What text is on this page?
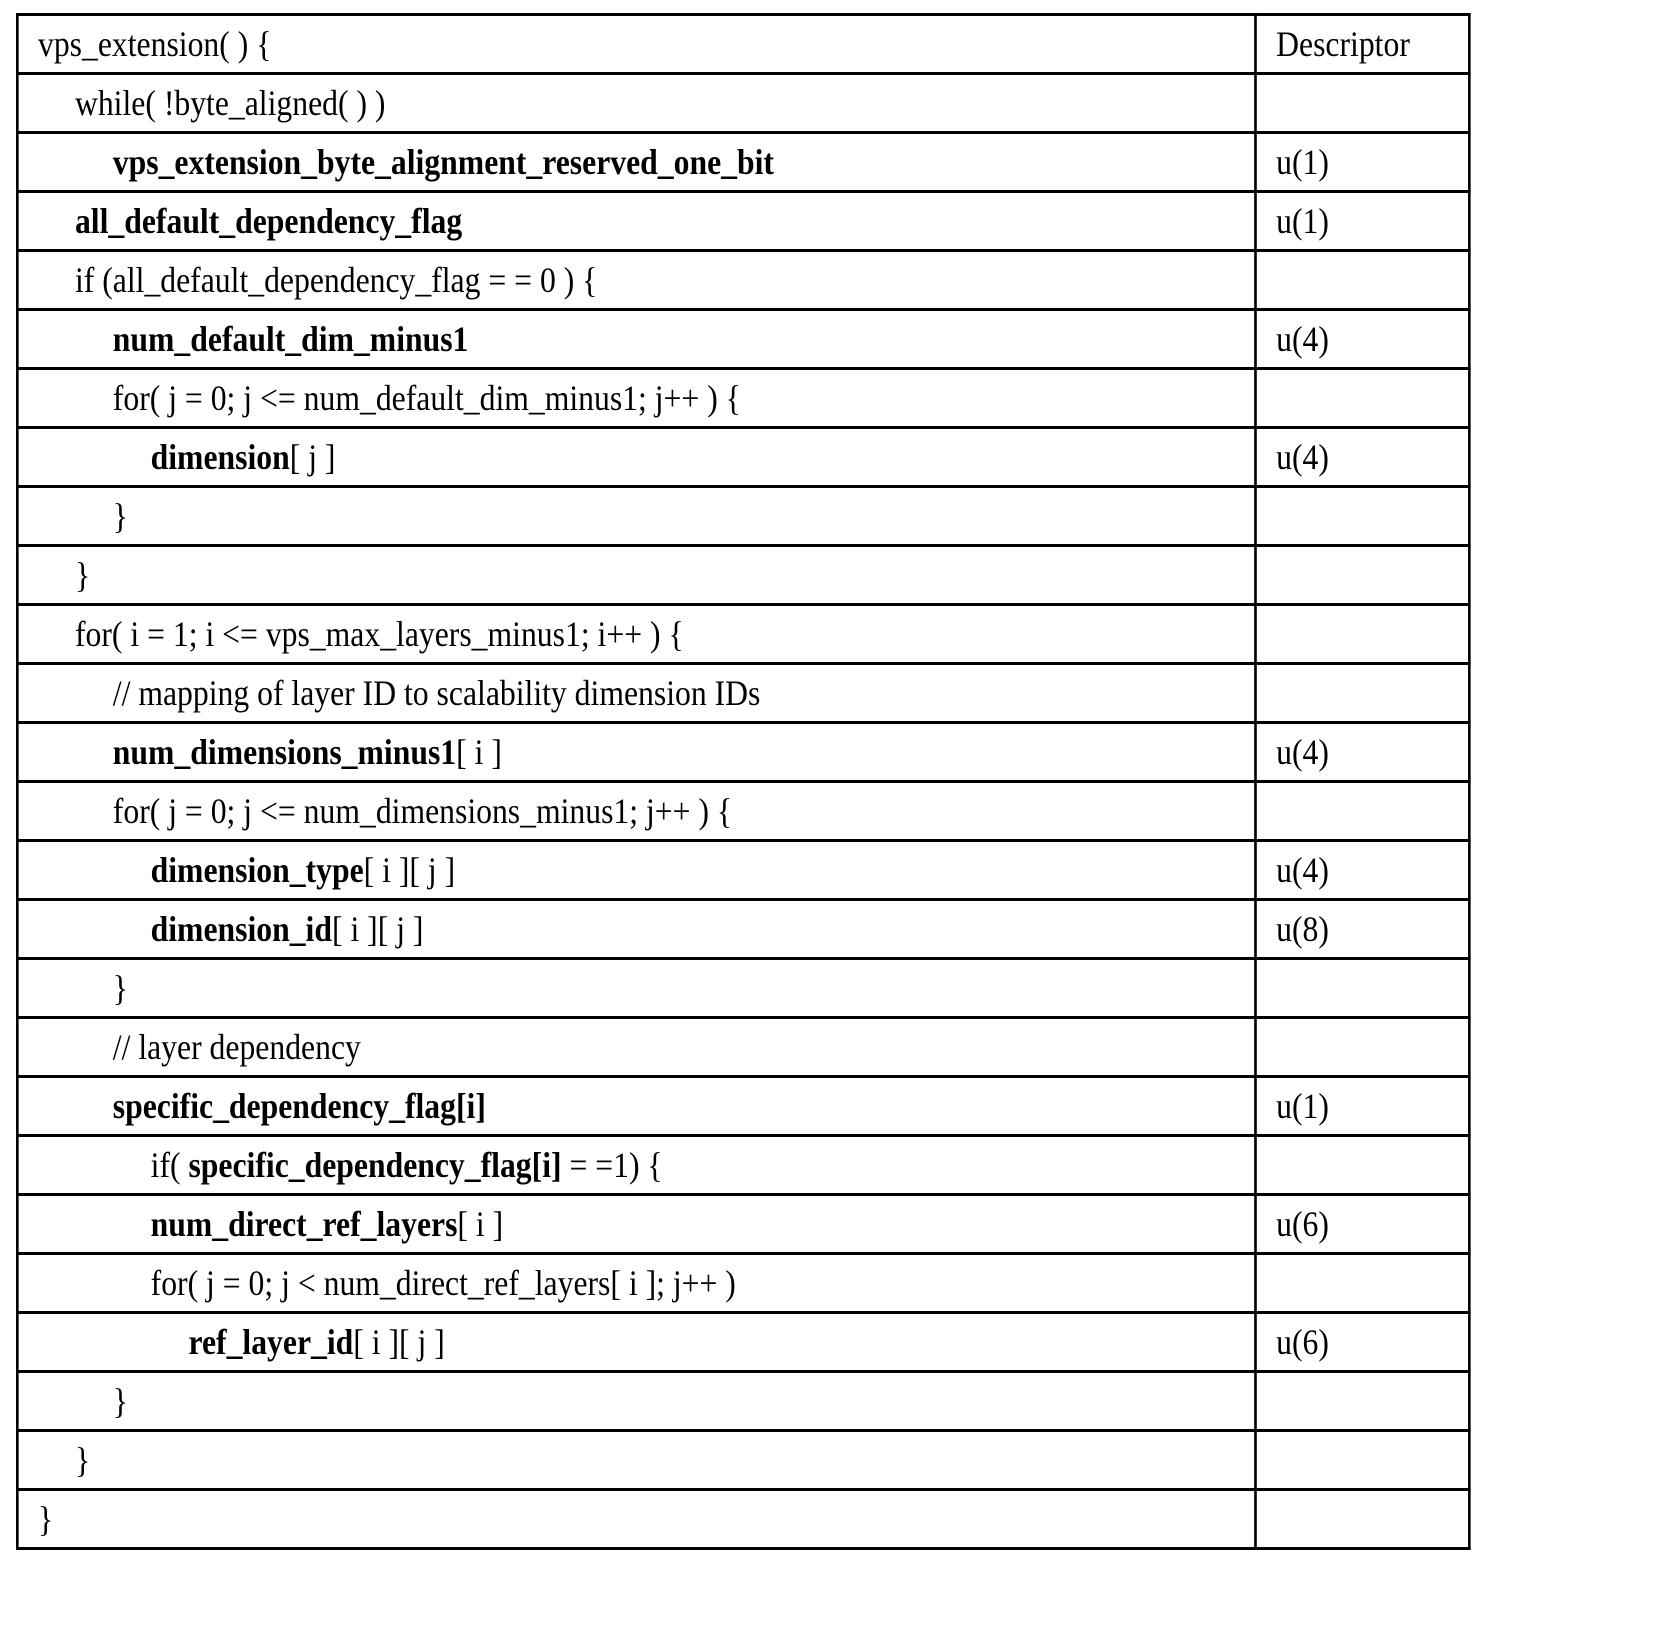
vps_extension( ) {	Descriptor
while( !byte_aligned( ) )	
vps_extension_byte_alignment_reserved_one_bit	u(1)
all_default_dependency_flag	u(1)
if (all_default_dependency_flag = = 0 ) {	
num_default_dim_minus1	u(4)
for( j = 0; j <= num_default_dim_minus1; j++ ) {	
dimension[ j ]	u(4)
}	
}	
for( i = 1; i <= vps_max_layers_minus1; i++ ) {	
// mapping of layer ID to scalability dimension IDs	
num_dimensions_minus1[ i ]	u(4)
for( j = 0; j <= num_dimensions_minus1; j++ ) {	
dimension_type[ i ][ j ]	u(4)
dimension_id[ i ][ j ]	u(8)
}	
// layer dependency	
specific_dependency_flag[i]	u(1)
if( specific_dependency_flag[i] = =1) {	
num_direct_ref_layers[ i ]	u(6)
for( j = 0; j < num_direct_ref_layers[ i ]; j++ )	
ref_layer_id[ i ][ j ]	u(6)
}	
}	
}	
